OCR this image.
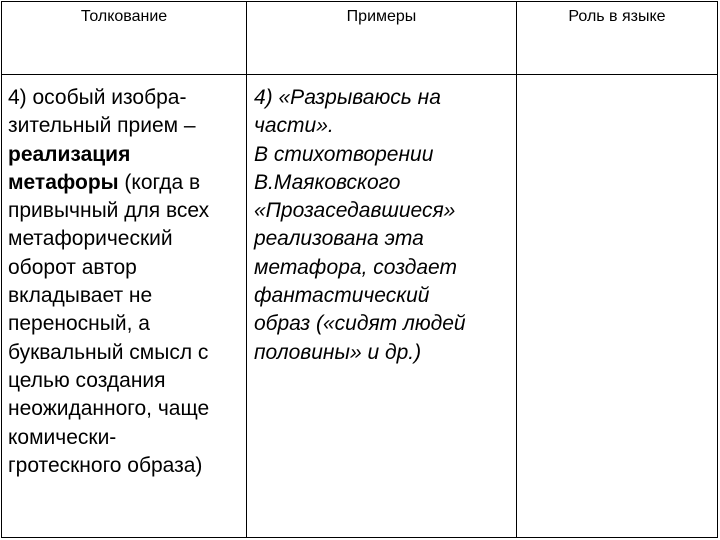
Толкование	Примеры	Роль в языке
4) особый изобра-
зительный прием –
реализация
метафоры (когда в
привычный для всех
метафорический
оборот автор
вкладывает не
переносный, а
буквальный смысл с
целью создания
неожиданного, чаще
комически-
гротескного образа)
4) «Разрываюсь на
части».
В стихотворении
В.Маяковского
«Прозаседавшиеся»
реализована эта
метафора, создает
фантастический
образ («сидят людей
половины» и др.)
